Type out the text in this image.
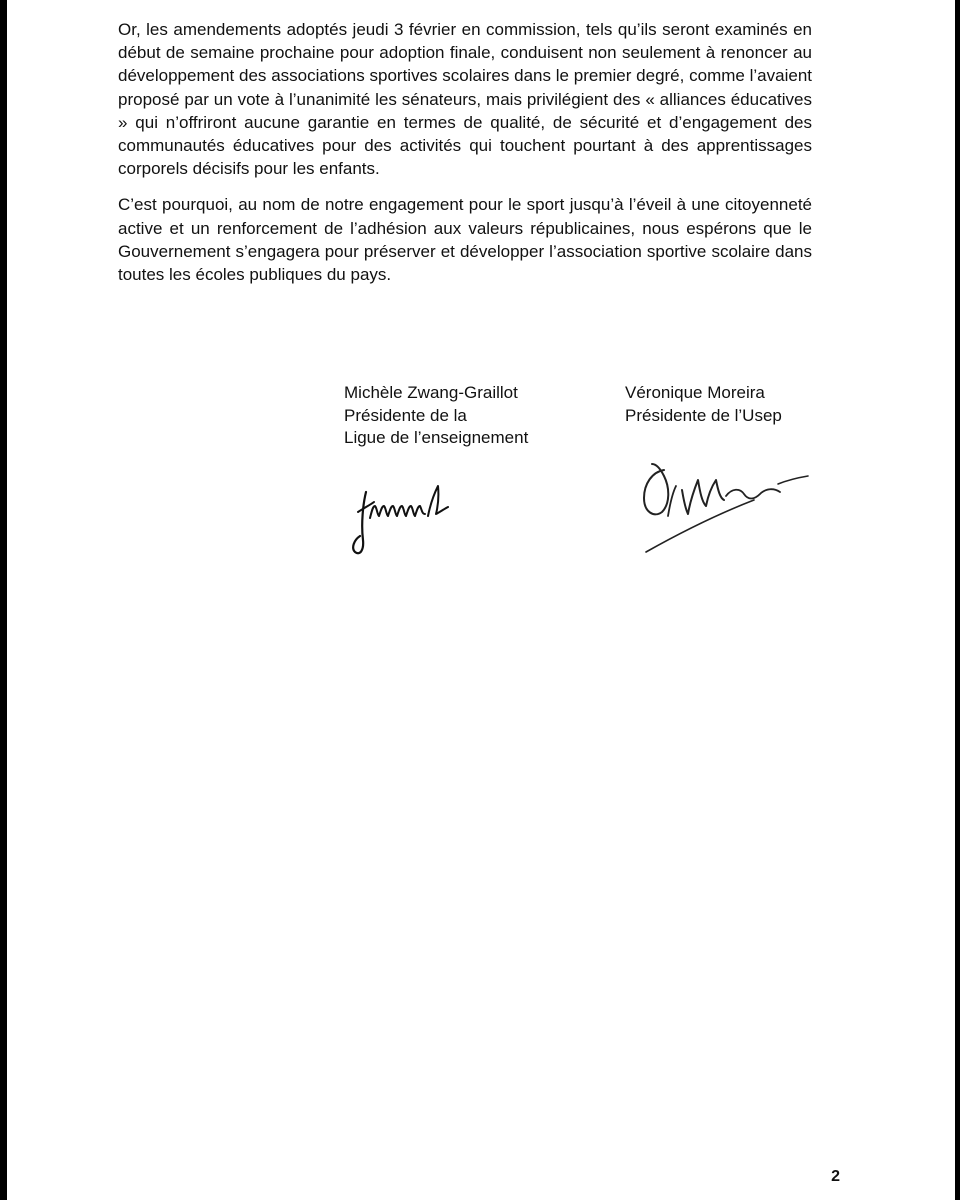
Or, les amendements adoptés jeudi 3 février en commission, tels qu’ils seront examinés en début de semaine prochaine pour adoption finale, conduisent non seulement à renoncer au développement des associations sportives scolaires dans le premier degré, comme l’avaient proposé par un vote à l’unanimité les sénateurs, mais privilégient des « alliances éducatives » qui n’offriront aucune garantie en termes de qualité, de sécurité et d’engagement des communautés éducatives pour des activités qui touchent pourtant à des apprentissages corporels décisifs pour les enfants.

C’est pourquoi, au nom de notre engagement pour le sport jusqu’à l’éveil à une citoyenneté active et un renforcement de l’adhésion aux valeurs républicaines, nous espérons que le Gouvernement s’engagera pour préserver et développer l’association sportive scolaire dans toutes les écoles publiques du pays.

Michèle Zwang-Graillot
Présidente de la
Ligue de l’enseignement
Véronique Moreira
Présidente de l’Usep
2
